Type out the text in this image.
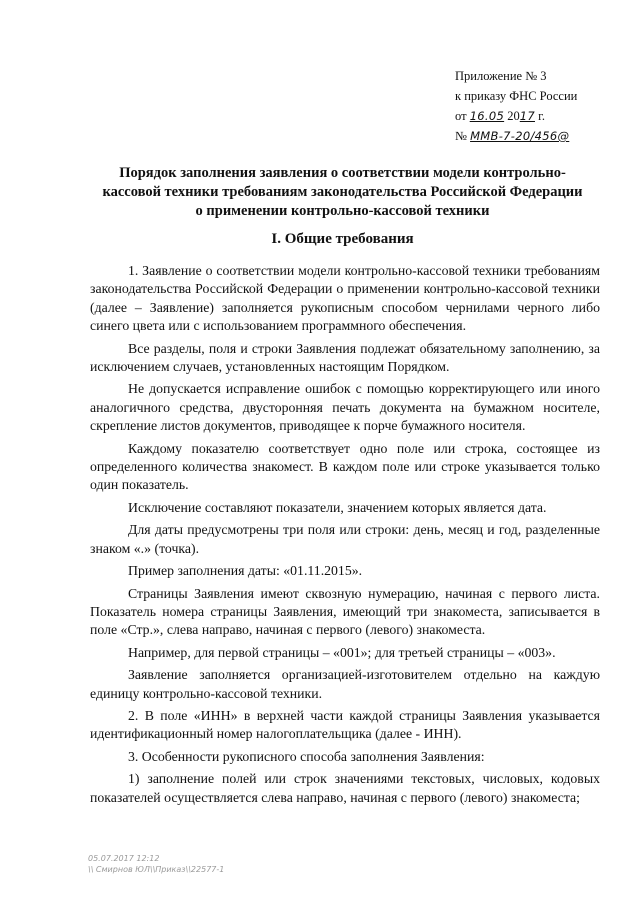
Приложение № 3
к приказу ФНС России
от 16.05 2017 г.
№ ММВ-7-20/456@
Порядок заполнения заявления о соответствии модели контрольно-
кассовой техники требованиям законодательства Российской Федерации
о применении контрольно-кассовой техники
I. Общие требования

1. Заявление о соответствии модели контрольно-кассовой техники требованиям законодательства Российской Федерации о применении контрольно-кассовой техники (далее – Заявление) заполняется рукописным способом чернилами черного либо синего цвета или с использованием программного обеспечения.

Все разделы, поля и строки Заявления подлежат обязательному заполнению, за исключением случаев, установленных настоящим Порядком.

Не допускается исправление ошибок с помощью корректирующего или иного аналогичного средства, двусторонняя печать документа на бумажном носителе, скрепление листов документов, приводящее к порче бумажного носителя.

Каждому показателю соответствует одно поле или строка, состоящее из определенного количества знакомест. В каждом поле или строке указывается только один показатель.

Исключение составляют показатели, значением которых является дата.

Для даты предусмотрены три поля или строки: день, месяц и год, разделенные знаком «.» (точка).

Пример заполнения даты: «01.11.2015».

Страницы Заявления имеют сквозную нумерацию, начиная с первого листа. Показатель номера страницы Заявления, имеющий три знакоместа, записывается в поле «Стр.», слева направо, начиная с первого (левого) знакоместа.

Например, для первой страницы – «001»; для третьей страницы – «003».

Заявление заполняется организацией-изготовителем отдельно на каждую единицу контрольно-кассовой техники.

2. В поле «ИНН» в верхней части каждой страницы Заявления указывается идентификационный номер налогоплательщика (далее - ИНН).

3. Особенности рукописного способа заполнения Заявления:

1) заполнение полей или строк значениями текстовых, числовых, кодовых показателей осуществляется слева направо, начиная с первого (левого) знакоместа;

05.07.2017 12:12
\\ Смирнов ЮЛ\\Приказ\\22577-1
